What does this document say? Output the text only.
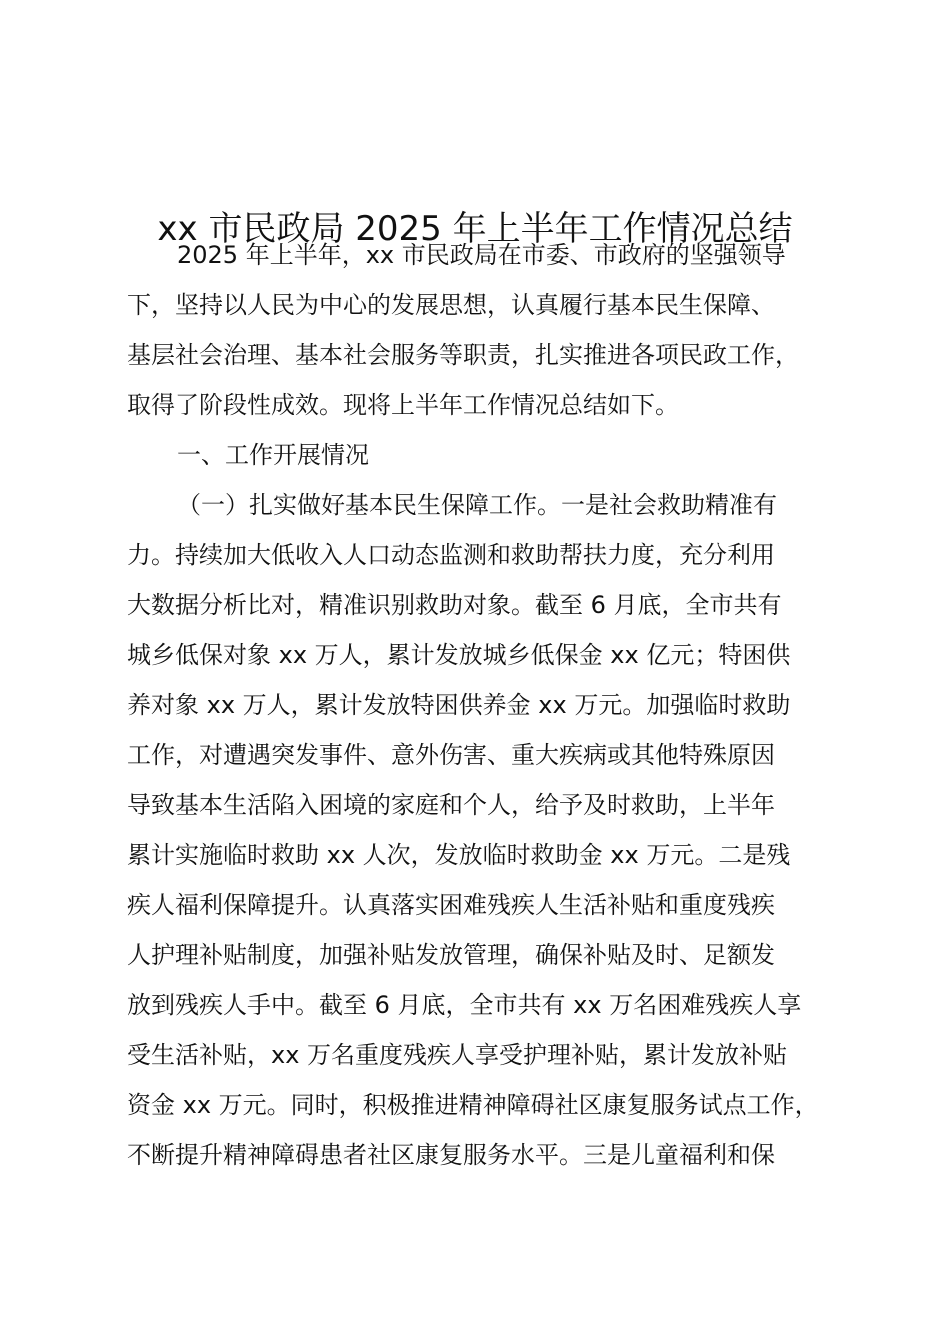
xx 市民政局 2025 年上半年工作情况总结
2025 年上半年，xx 市民政局在市委、市政府的坚强领导
下，坚持以人民为中心的发展思想，认真履行基本民生保障、
基层社会治理、基本社会服务等职责，扎实推进各项民政工作，
取得了阶段性成效。现将上半年工作情况总结如下。
一、工作开展情况
（一）扎实做好基本民生保障工作。一是社会救助精准有
力。持续加大低收入人口动态监测和救助帮扶力度，充分利用
大数据分析比对，精准识别救助对象。截至 6 月底，全市共有
城乡低保对象 xx 万人，累计发放城乡低保金 xx 亿元；特困供
养对象 xx 万人，累计发放特困供养金 xx 万元。加强临时救助
工作，对遭遇突发事件、意外伤害、重大疾病或其他特殊原因
导致基本生活陷入困境的家庭和个人，给予及时救助，上半年
累计实施临时救助 xx 人次，发放临时救助金 xx 万元。二是残
疾人福利保障提升。认真落实困难残疾人生活补贴和重度残疾
人护理补贴制度，加强补贴发放管理，确保补贴及时、足额发
放到残疾人手中。截至 6 月底，全市共有 xx 万名困难残疾人享
受生活补贴，xx 万名重度残疾人享受护理补贴，累计发放补贴
资金 xx 万元。同时，积极推进精神障碍社区康复服务试点工作，
不断提升精神障碍患者社区康复服务水平。三是儿童福利和保
